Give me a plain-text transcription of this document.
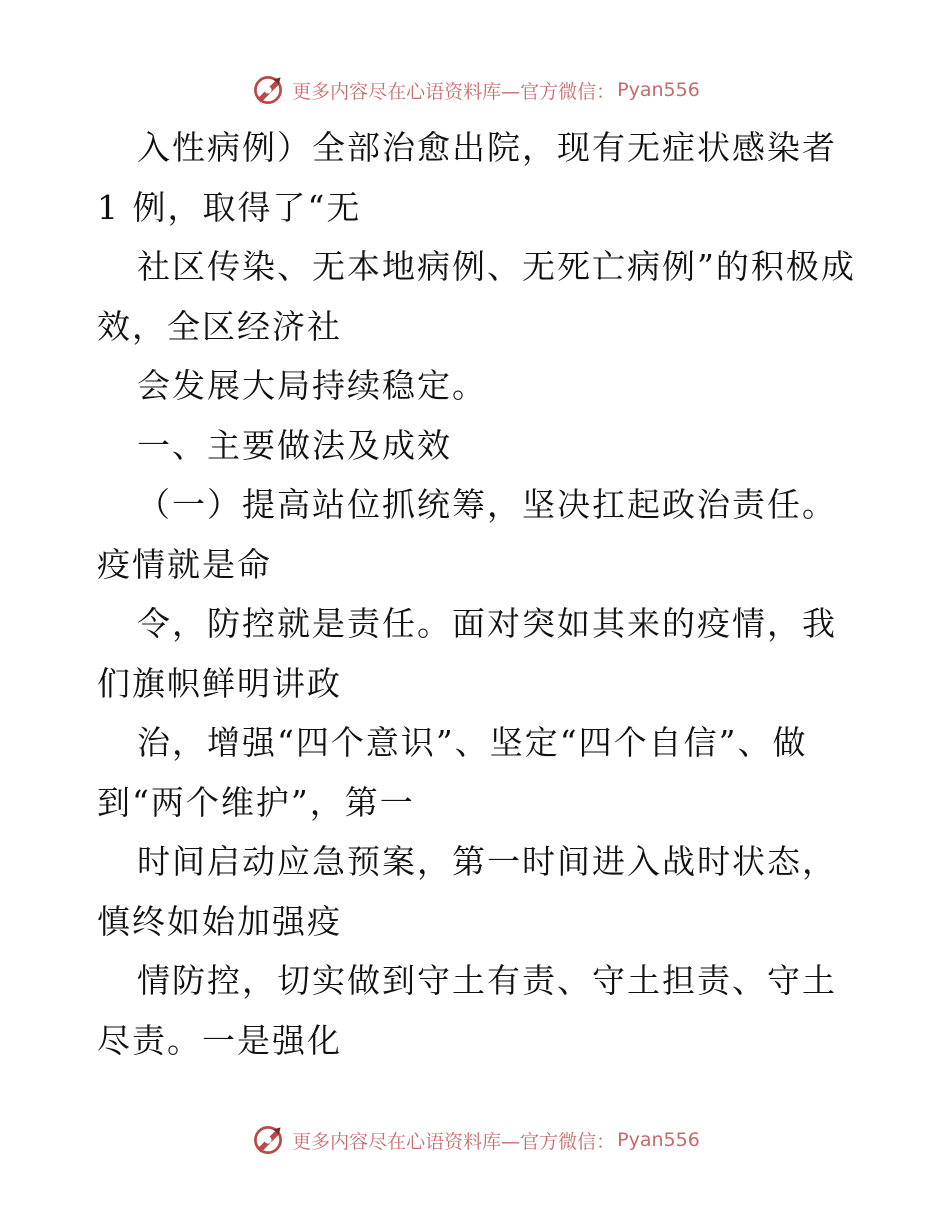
更多内容尽在心语资料库—官方微信： Pyan556

入性病例）全部治愈出院，现有无症状感染者 1 例，取得了“无

社区传染、无本地病例、无死亡病例”的积极成效，全区经济社

会发展大局持续稳定。

一、主要做法及成效

（一）提高站位抓统筹，坚决扛起政治责任。疫情就是命

令，防控就是责任。面对突如其来的疫情，我们旗帜鲜明讲政

治，增强“四个意识”、坚定“四个自信”、做到“两个维护”，第一

时间启动应急预案，第一时间进入战时状态，慎终如始加强疫

情防控，切实做到守土有责、守土担责、守土尽责。一是强化

更多内容尽在心语资料库—官方微信： Pyan556
